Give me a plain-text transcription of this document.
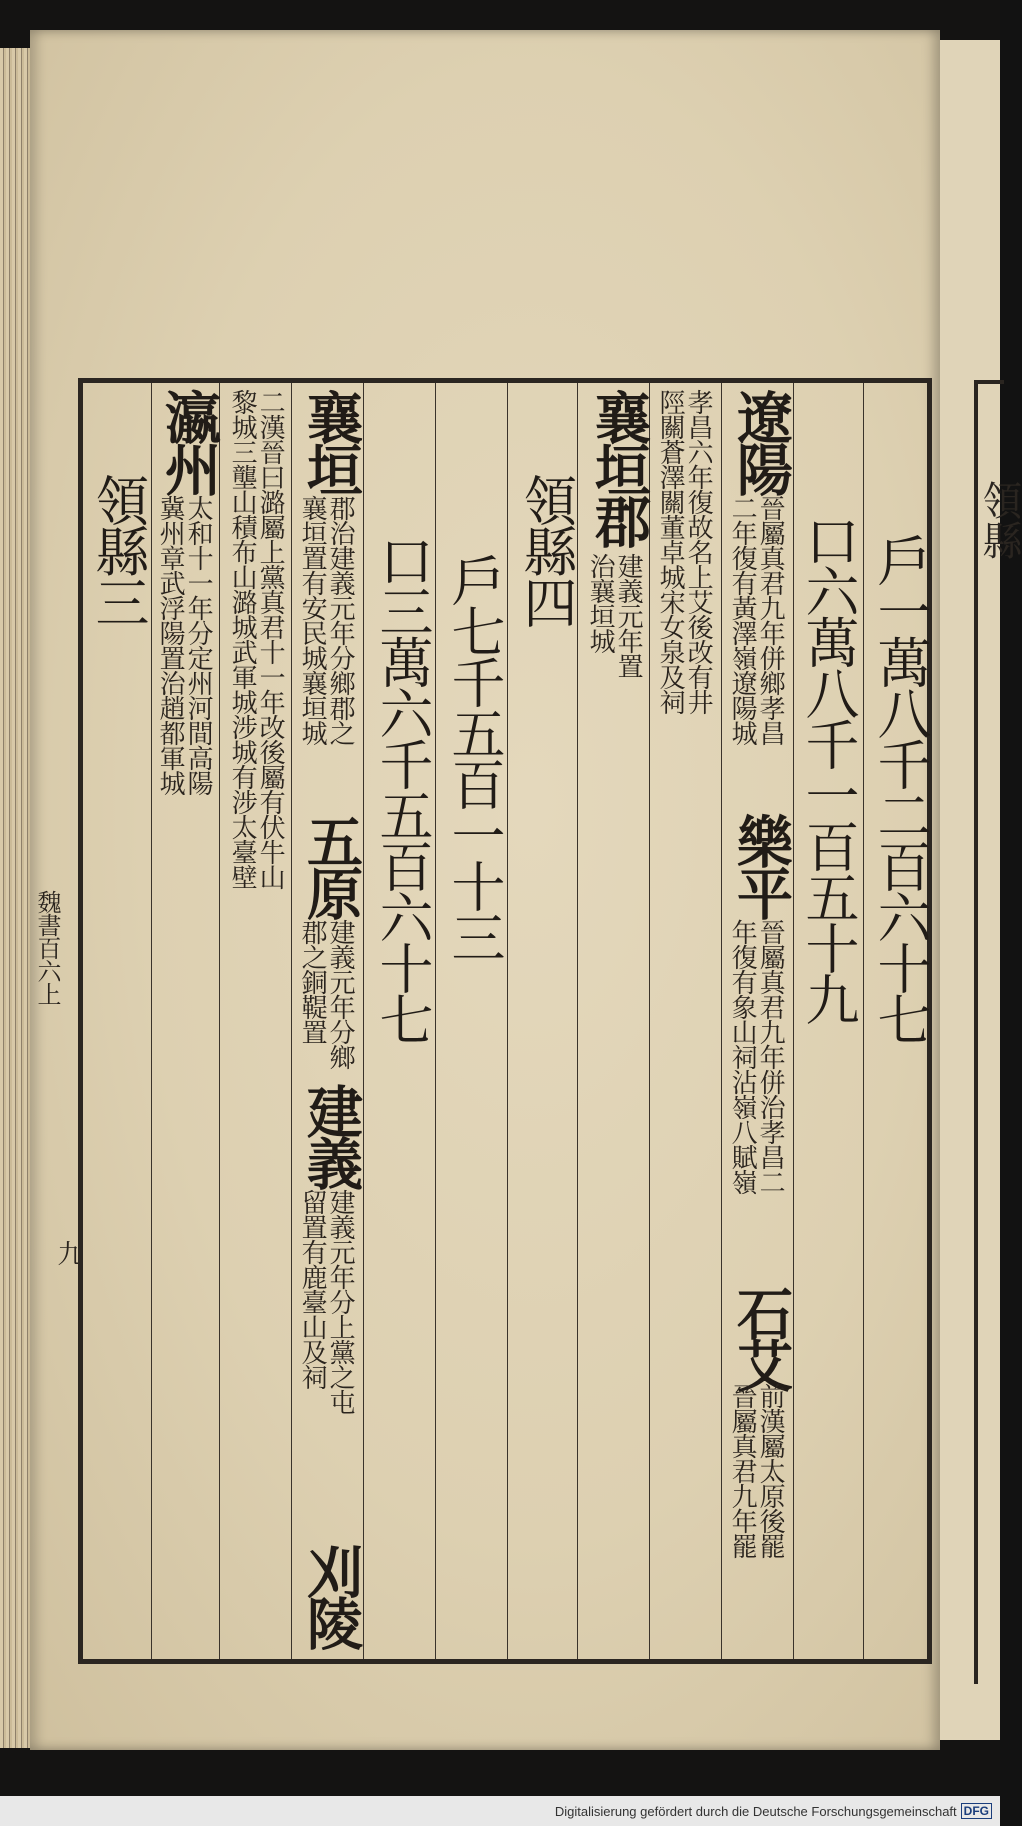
領縣
魏書百六上
九
戶一萬八千二百六十七
口六萬八千一百五十九
遼陽
晉屬真君九年併鄉孝昌
二年復有黃澤嶺遼陽城
樂平
晉屬真君九年併治孝昌二
年復有象山祠沾嶺八賦嶺
石艾
前漢屬太原後罷
晉屬真君九年罷
孝昌六年復故名上艾後改有井
陘關蒼澤關董卓城宋女泉及祠
襄垣郡
建義元年置
治襄垣城
領縣四
戶七千五百一十三
口三萬六千五百六十七
襄垣
郡治建義元年分鄉郡之
襄垣置有安民城襄垣城
五原
建義元年分鄉
郡之銅鞮置
建義
建義元年分上黨之屯
留置有鹿臺山及祠
刈陵
二漢晉曰潞屬上黨真君十一年改後屬有伏牛山
黎城三壟山積布山潞城武軍城涉城有涉太臺壁
瀛州
太和十一年分定州河間高陽
冀州章武浮陽置治趙都軍城
領縣三
Digitalisierung gefördert durch die Deutsche Forschungsgemeinschaft DFG
